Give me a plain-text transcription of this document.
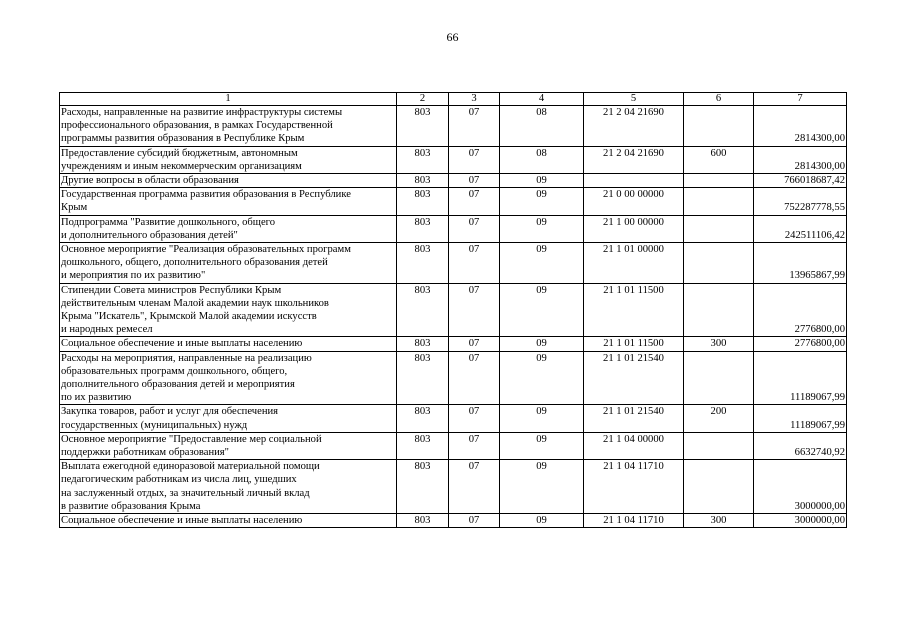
66
1	2	3	4	5	6	7

Расходы, направленные на развитие инфраструктуры системы
профессионального образования, в рамках Государственной
программы развития образования в Республике Крым	803	07	08	21 2 04 21690		2814300,00

Предоставление субсидий бюджетным, автономным
учреждениям и иным некоммерческим организациям	803	07	08	21 2 04 21690	600	2814300,00

Другие вопросы в области образования	803	07	09			766018687,42

Государственная программа развития образования в Республике
Крым	803	07	09	21 0 00 00000		752287778,55

Подпрограмма "Развитие дошкольного, общего
и дополнительного образования детей"	803	07	09	21 1 00 00000		242511106,42

Основное мероприятие "Реализация образовательных программ
дошкольного, общего, дополнительного образования детей
и мероприятия по их развитию"	803	07	09	21 1 01 00000		13965867,99

Стипендии Совета министров Республики Крым
действительным членам Малой академии наук школьников
Крыма "Искатель", Крымской Малой академии искусств
и народных ремесел	803	07	09	21 1 01 11500		2776800,00

Социальное обеспечение и иные выплаты населению	803	07	09	21 1 01 11500	300	2776800,00

Расходы на мероприятия, направленные на реализацию
образовательных программ дошкольного, общего,
дополнительного образования детей и мероприятия
по их развитию	803	07	09	21 1 01 21540		11189067,99

Закупка товаров, работ и услуг для обеспечения
государственных (муниципальных) нужд	803	07	09	21 1 01 21540	200	11189067,99

Основное мероприятие "Предоставление мер социальной
поддержки работникам образования"	803	07	09	21 1 04 00000		6632740,92

Выплата ежегодной единоразовой материальной помощи
педагогическим работникам из числа лиц, ушедших
на заслуженный отдых, за значительный личный вклад
в развитие образования Крыма	803	07	09	21 1 04 11710		3000000,00

Социальное обеспечение и иные выплаты населению	803	07	09	21 1 04 11710	300	3000000,00
